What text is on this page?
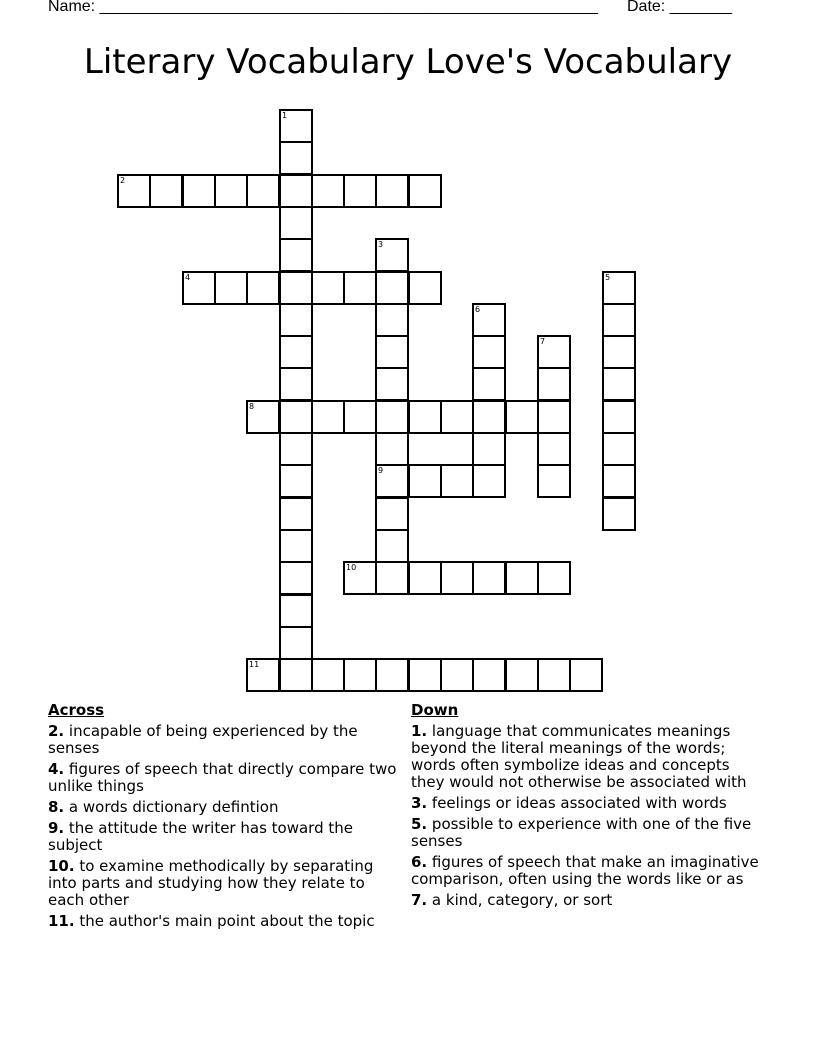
Name: ________________________________________________________ Date: _______
Literary Vocabulary Love's Vocabulary
1
2
3
9
4	5
6
7
8
10
11
Across
2. incapable of being experienced by the senses
4. figures of speech that directly compare two unlike things
8. a words dictionary defintion
9. the attitude the writer has toward the subject
10. to examine methodically by separating into parts and studying how they relate to each other
11. the author's main point about the topic
Down
1. language that communicates meanings beyond the literal meanings of the words; words often symbolize ideas and concepts they would not otherwise be associated with
3. feelings or ideas associated with words
5. possible to experience with one of the five senses
6. figures of speech that make an imaginative comparison, often using the words like or as
7. a kind, category, or sort
